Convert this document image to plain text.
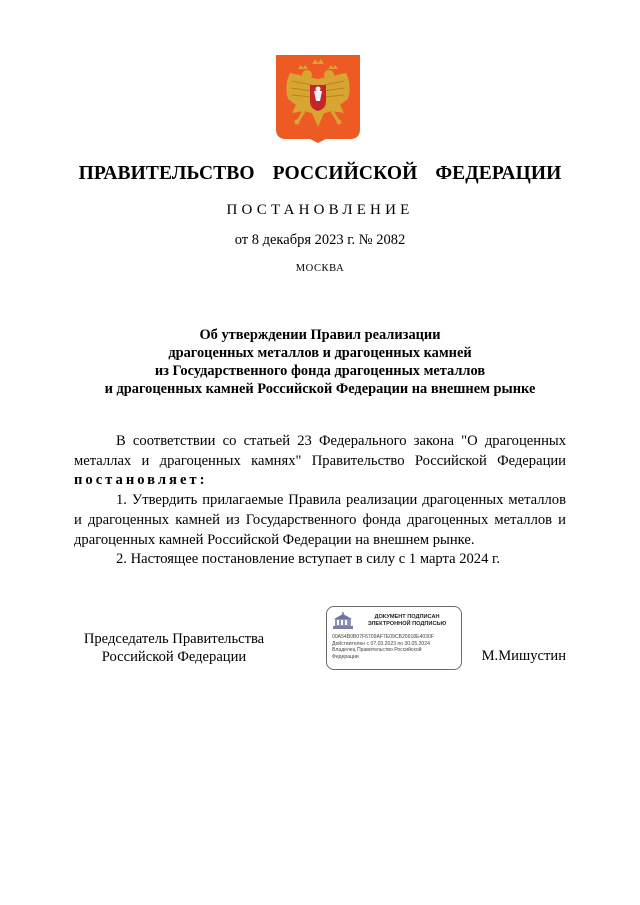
ПРАВИТЕЛЬСТВО  РОССИЙСКОЙ  ФЕДЕРАЦИИ
ПОСТАНОВЛЕНИЕ
от 8 декабря 2023 г. № 2082
МОСКВА
Об утверждении Правил реализации
драгоценных металлов и драгоценных камней
из Государственного фонда драгоценных металлов
и драгоценных камней Российской Федерации на внешнем рынке

В соответствии со статьей 23 Федерального закона "О драгоценных металлах и драгоценных камнях" Правительство Российской Федерации постановляет:

1. Утвердить прилагаемые Правила реализации драгоценных металлов и драгоценных камней из Государственного фонда драгоценных металлов и драгоценных камней Российской Федерации на внешнем рынке.

2. Настоящее постановление вступает в силу с 1 марта 2024 г.

Председатель Правительства
Российской Федерации
ДОКУМЕНТ ПОДПИСАН
ЭЛЕКТРОННОЙ ПОДПИСЬЮ
00A54B0B07F6709AF7E09CB20918E4030F
Действителен с 07.03.2023 по 30.05.2024
Владелец Правительство Российской
Федерации	М.Мишустин
